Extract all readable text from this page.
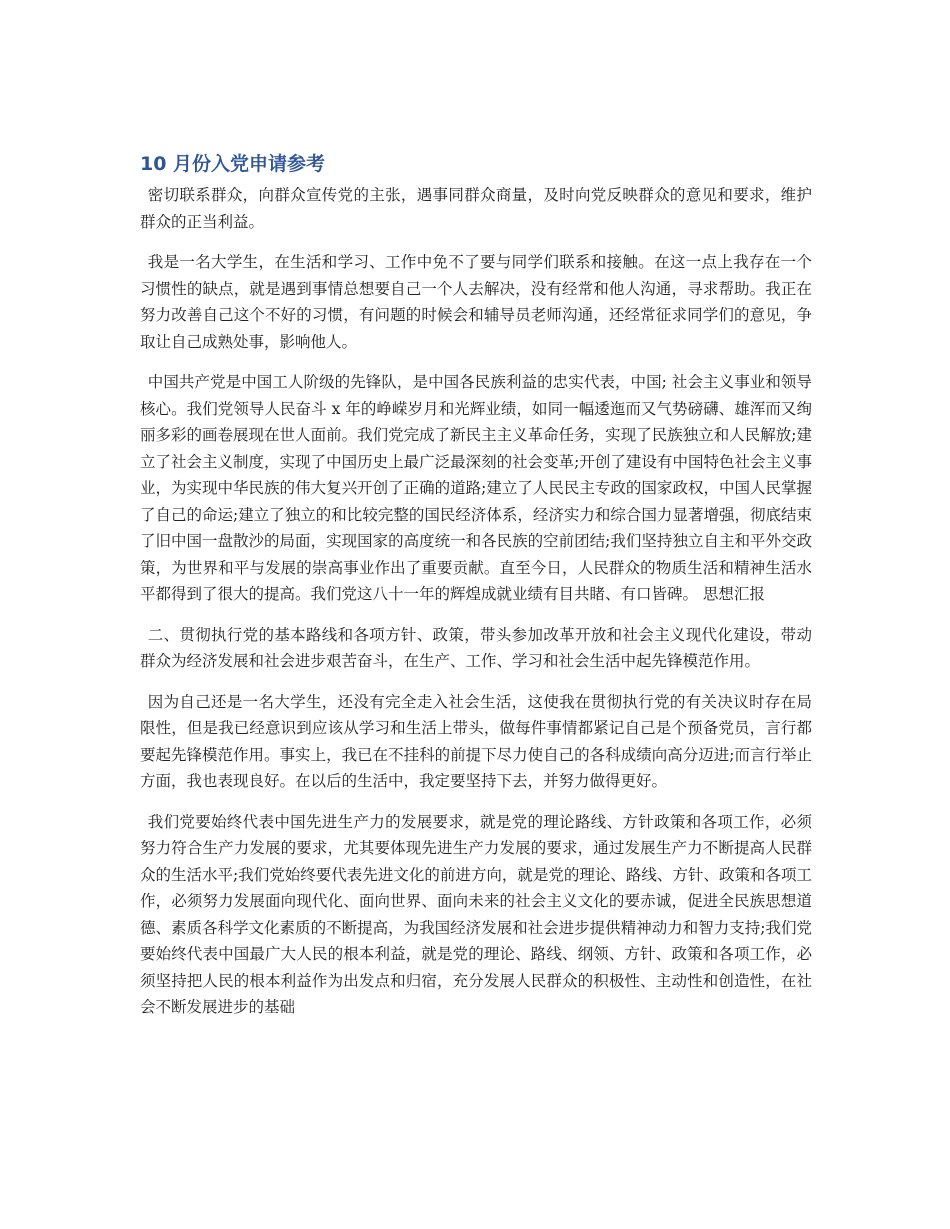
10 月份入党申请参考

密切联系群众，向群众宣传党的主张，遇事同群众商量，及时向党反映群众的意见和要求，维护群众的正当利益。

我是一名大学生，在生活和学习、工作中免不了要与同学们联系和接触。在这一点上我存在一个习惯性的缺点，就是遇到事情总想要自己一个人去解决，没有经常和他人沟通，寻求帮助。我正在努力改善自己这个不好的习惯，有问题的时候会和辅导员老师沟通，还经常征求同学们的意见，争取让自己成熟处事，影响他人。

中国共产党是中国工人阶级的先锋队，是中国各民族利益的忠实代表，中国; 社会主义事业和领导核心。我们党领导人民奋斗 x 年的峥嵘岁月和光辉业绩，如同一幅逶迤而又气势磅礴、雄浑而又绚丽多彩的画卷展现在世人面前。我们党完成了新民主主义革命任务，实现了民族独立和人民解放;建立了社会主义制度，实现了中国历史上最广泛最深刻的社会变革;开创了建设有中国特色社会主义事业，为实现中华民族的伟大复兴开创了正确的道路;建立了人民民主专政的国家政权，中国人民掌握了自己的命运;建立了独立的和比较完整的国民经济体系，经济实力和综合国力显著增强，彻底结束了旧中国一盘散沙的局面，实现国家的高度统一和各民族的空前团结;我们坚持独立自主和平外交政策，为世界和平与发展的崇高事业作出了重要贡献。直至今日，人民群众的物质生活和精神生活水平都得到了很大的提高。我们党这八十一年的辉煌成就业绩有目共睹、有口皆碑。 思想汇报

二、贯彻执行党的基本路线和各项方针、政策，带头参加改革开放和社会主义现代化建设，带动群众为经济发展和社会进步艰苦奋斗，在生产、工作、学习和社会生活中起先锋模范作用。

因为自己还是一名大学生，还没有完全走入社会生活，这使我在贯彻执行党的有关决议时存在局限性，但是我已经意识到应该从学习和生活上带头，做每件事情都紧记自己是个预备党员，言行都要起先锋模范作用。事实上，我已在不挂科的前提下尽力使自己的各科成绩向高分迈进;而言行举止方面，我也表现良好。在以后的生活中，我定要坚持下去，并努力做得更好。

我们党要始终代表中国先进生产力的发展要求，就是党的理论路线、方针政策和各项工作，必须努力符合生产力发展的要求，尤其要体现先进生产力发展的要求，通过发展生产力不断提高人民群众的生活水平;我们党始终要代表先进文化的前进方向，就是党的理论、路线、方针、政策和各项工作，必须努力发展面向现代化、面向世界、面向未来的社会主义文化的要赤诚，促进全民族思想道德、素质各科学文化素质的不断提高，为我国经济发展和社会进步提供精神动力和智力支持;我们党要始终代表中国最广大人民的根本利益，就是党的理论、路线、纲领、方针、政策和各项工作，必须坚持把人民的根本利益作为出发点和归宿，充分发展人民群众的积极性、主动性和创造性，在社会不断发展进步的基础
